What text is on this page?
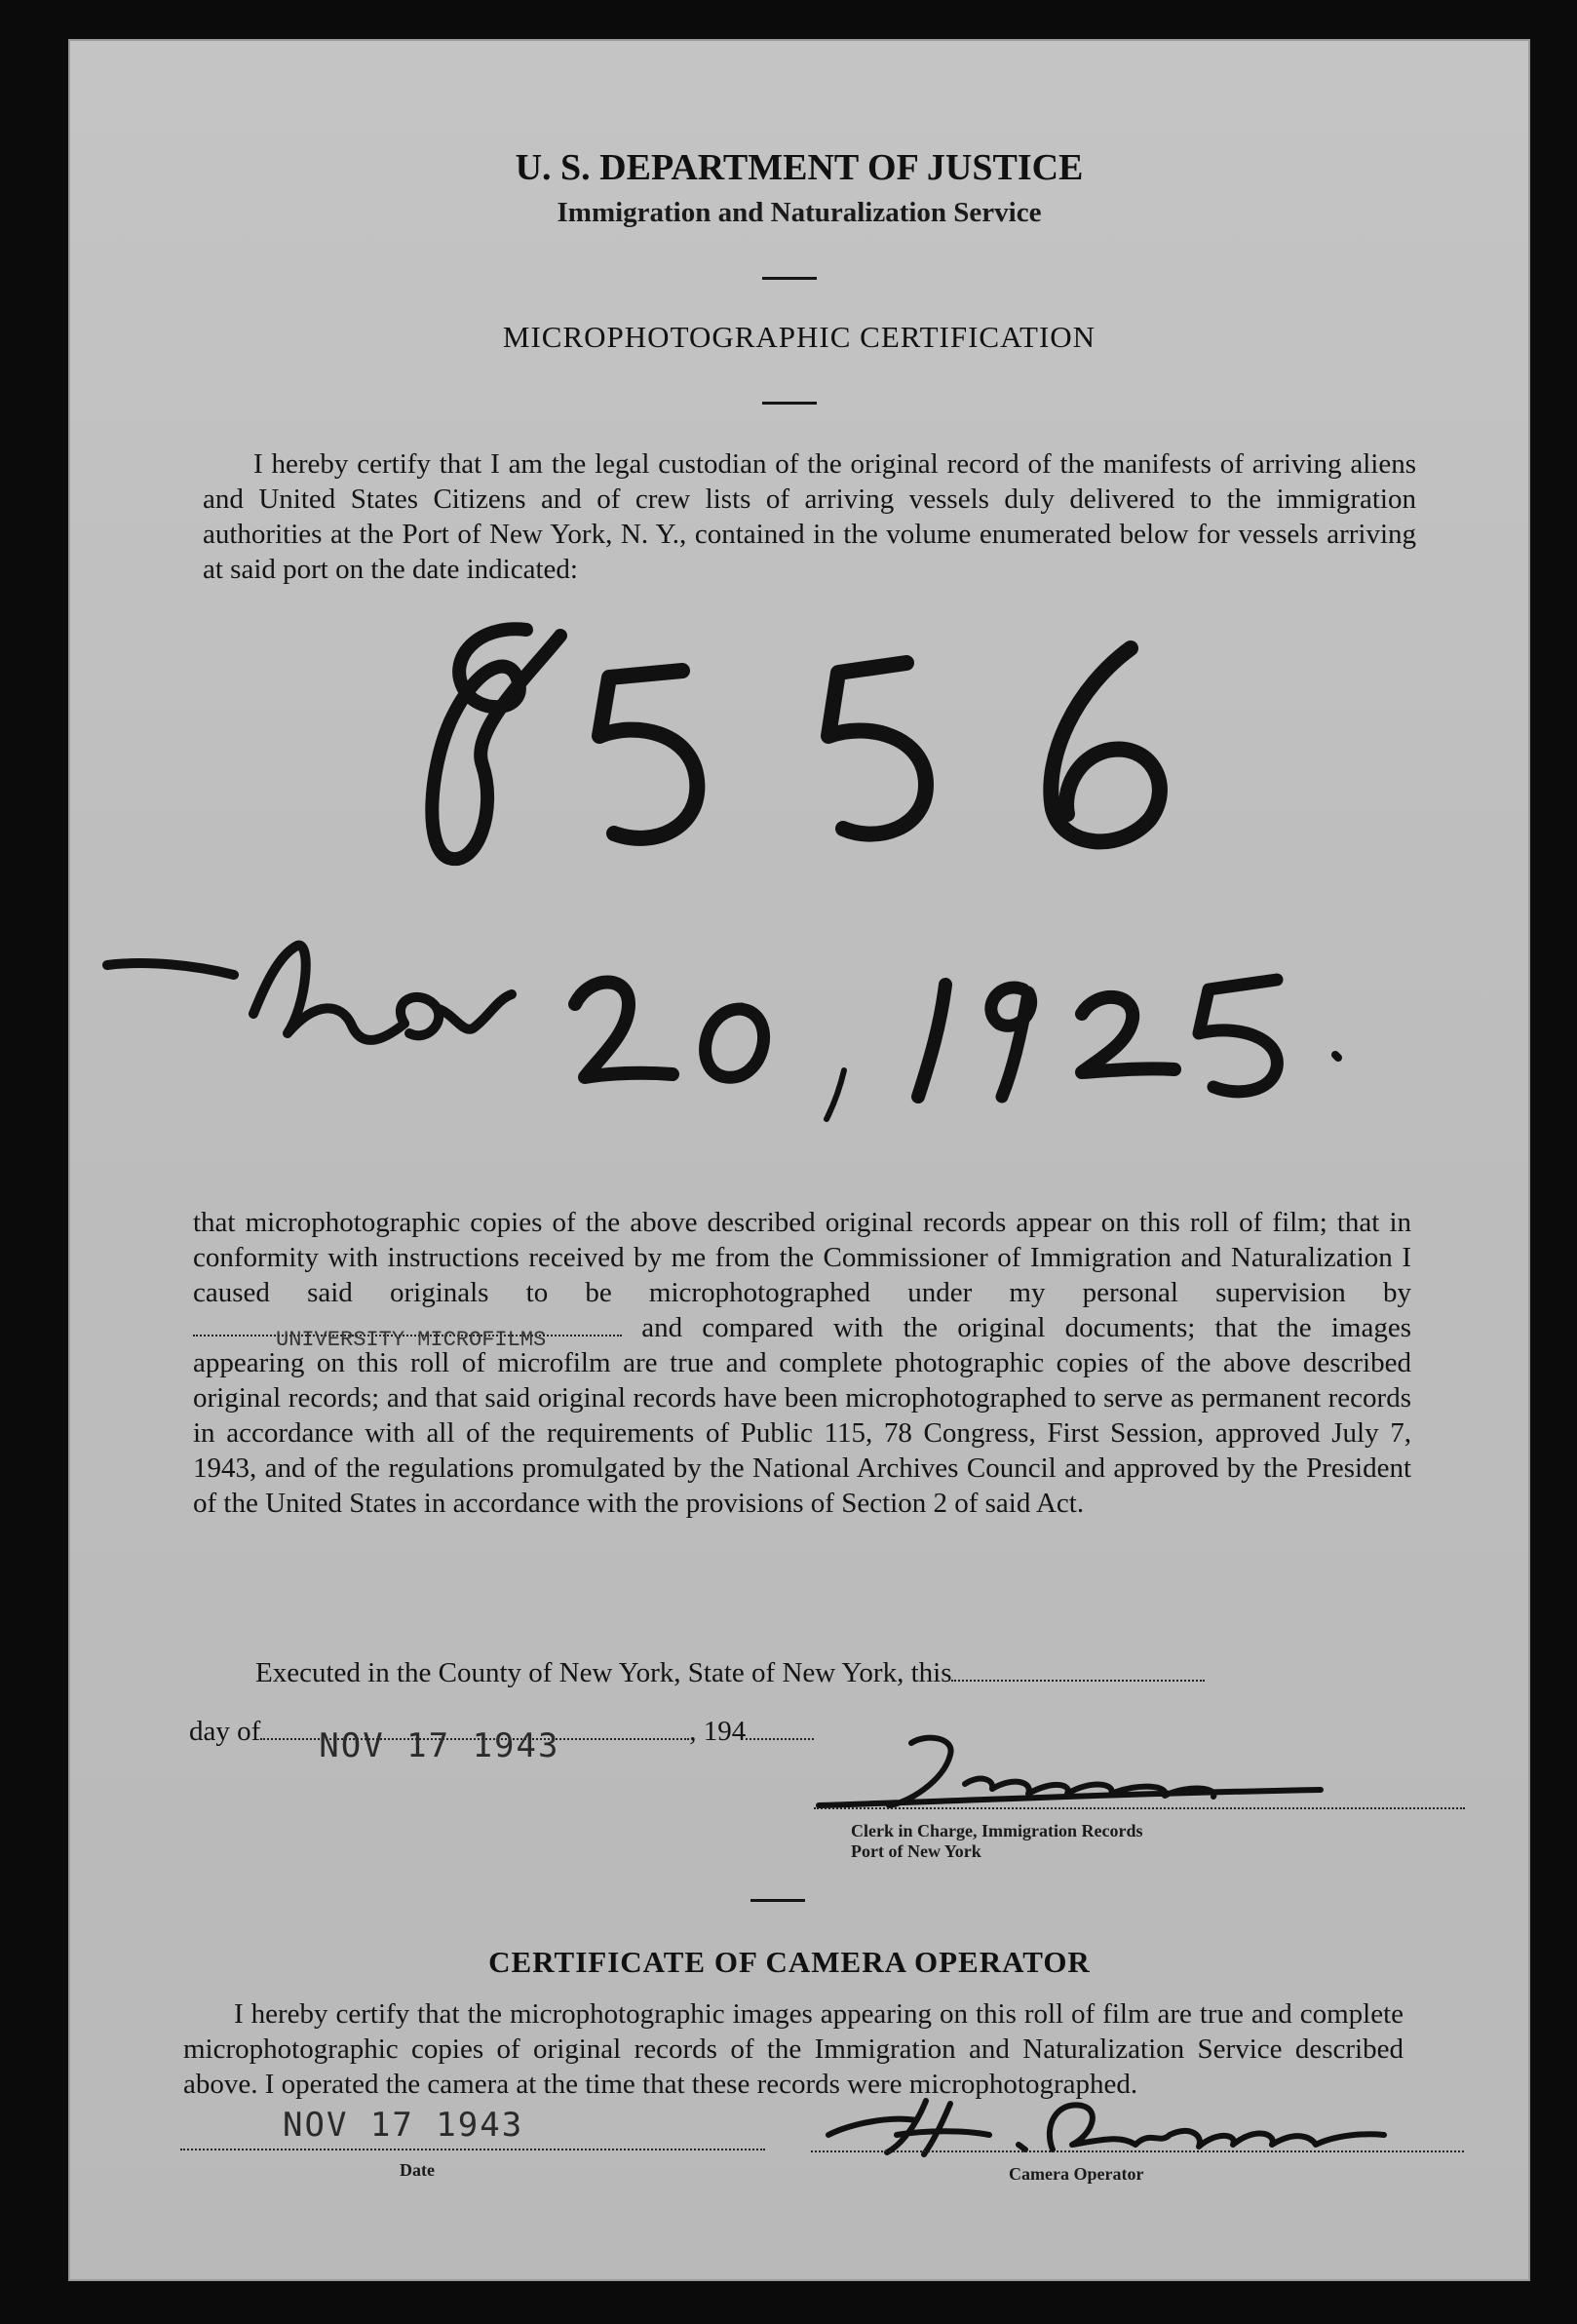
U. S. DEPARTMENT OF JUSTICE
Immigration and Naturalization Service
MICROPHOTOGRAPHIC CERTIFICATION
I hereby certify that I am the legal custodian of the original record of the manifests of arriving aliens and United States Citizens and of crew lists of arriving vessels duly delivered to the immigration authorities at the Port of New York, N. Y., contained in the volume enumerated below for vessels arriving at said port on the date indicated:
that microphotographic copies of the above described original records appear on this roll of film; that in conformity with instructions received by me from the Commissioner of Immigration and Naturalization I caused said originals to be microphotographed under my personal supervision by
UNIVERSITY MICROFILMS	and compared with the original documents; that the images appearing on this roll of microfilm are true and complete photographic copies of the above described original records; and that said original records have been microphotographed to serve as permanent records in accordance with all of the requirements of Public 115, 78 Congress, First Session, approved July 7, 1943, and of the regulations promulgated by the National Archives Council and approved by the President of the United States in accordance with the provisions of Section 2 of said Act.
Executed in the County of New York, State of New York, this
day of NOV 17 1943	, 194
Clerk in Charge, Immigration Records
Port of New York
CERTIFICATE OF CAMERA OPERATOR
I hereby certify that the microphotographic images appearing on this roll of film are true and complete microphotographic copies of original records of the Immigration and Naturalization Service described above. I operated the camera at the time that these records were microphotographed.
NOV 17 1943
Date	Camera Operator
